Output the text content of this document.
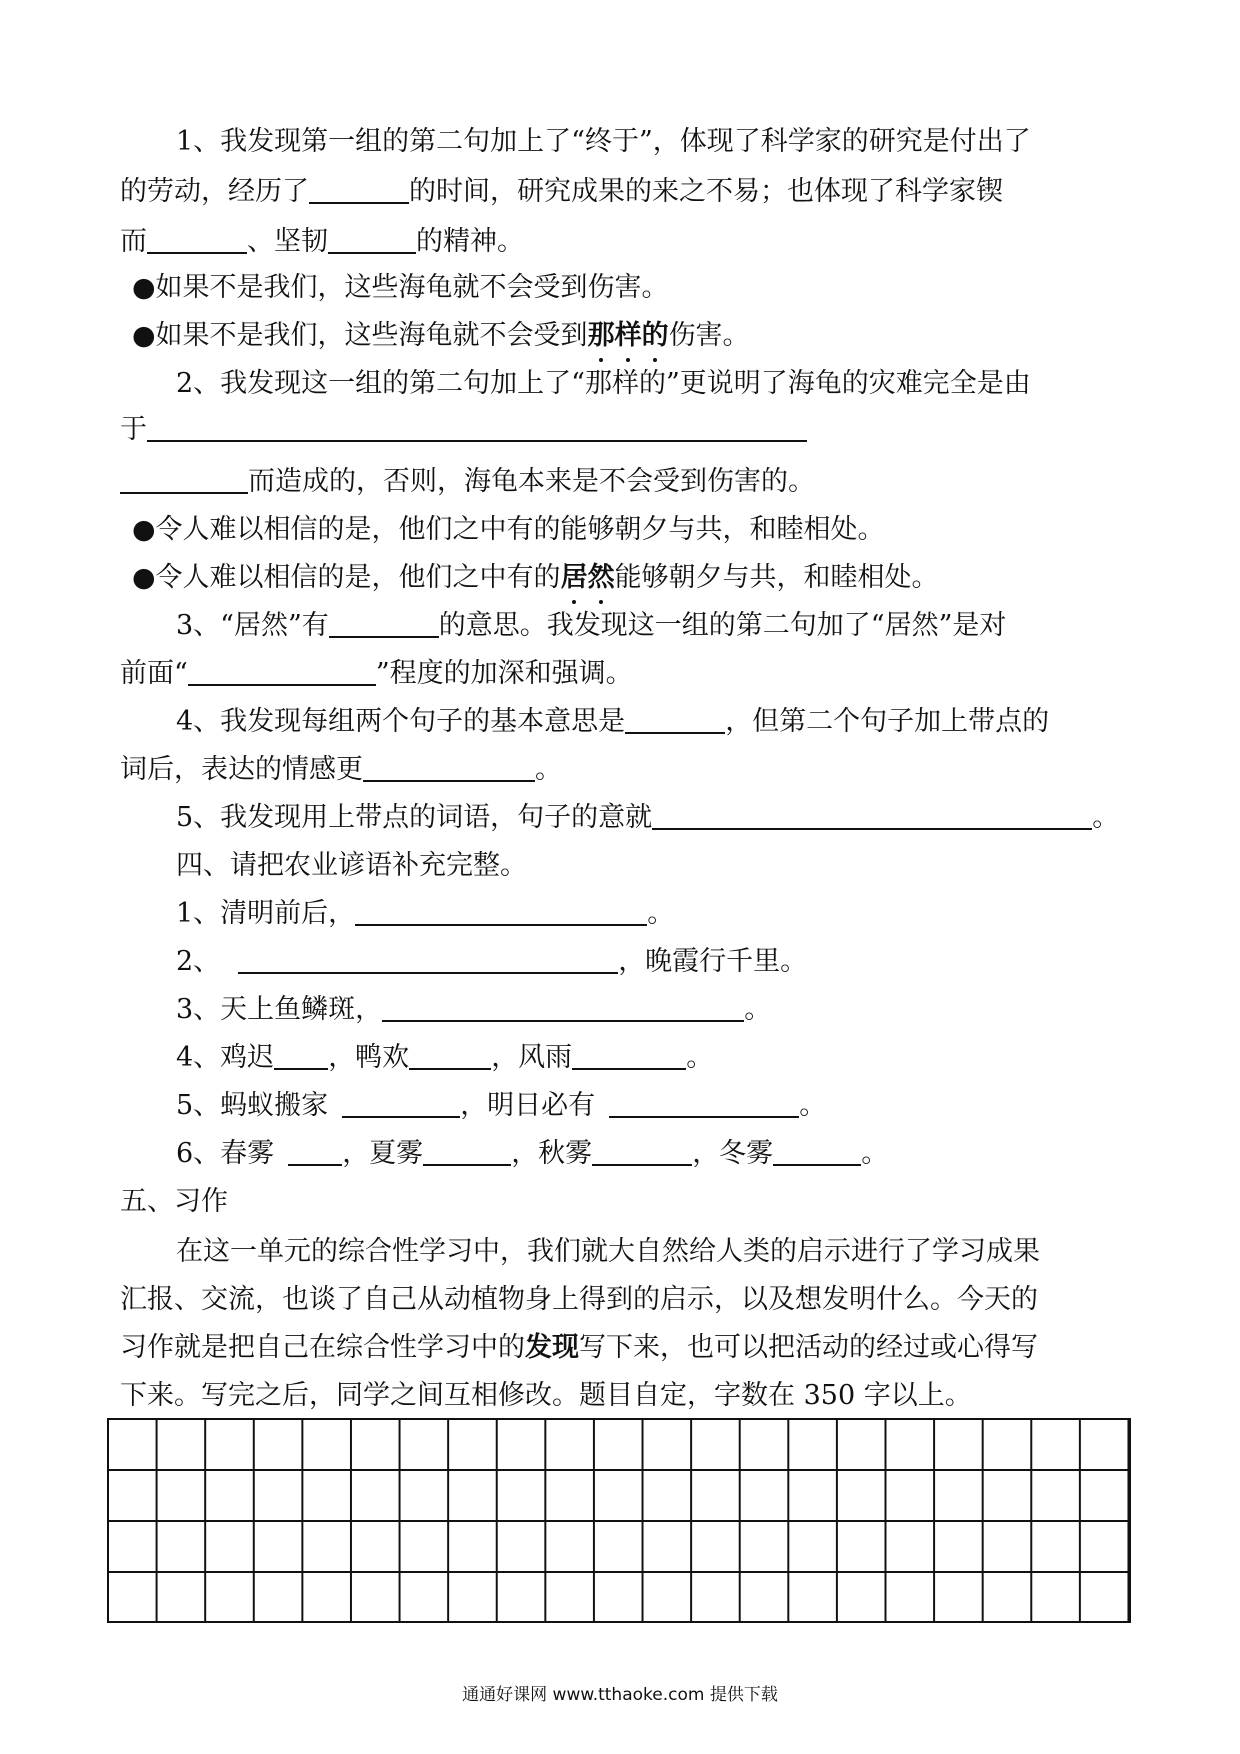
1、我发现第一组的第二句加上了“终于”，体现了科学家的研究是付出了
的劳动，经历了	的时间，研究成果的来之不易；也体现了科学家锲
而	、坚韧	的精神。
●如果不是我们，这些海龟就不会受到伤害。
●如果不是我们，这些海龟就不会受到那样的伤害。
2、我发现这一组的第二句加上了“那样的”更说明了海龟的灾难完全是由
于
而造成的，否则，海龟本来是不会受到伤害的。
●令人难以相信的是，他们之中有的能够朝夕与共，和睦相处。
●令人难以相信的是，他们之中有的居然能够朝夕与共，和睦相处。
3、“居然”有	的意思。我发现这一组的第二句加了“居然”是对
前面“	”程度的加深和强调。
4、我发现每组两个句子的基本意思是	，但第二个句子加上带点的
词后，表达的情感更	。
5、我发现用上带点的词语，句子的意就	。
四、请把农业谚语补充完整。
1、清明前后，	。
2、	，晚霞行千里。
3、天上鱼鳞斑，	。
4、鸡迟 ，鸭欢	，风雨	。
5、蚂蚁搬家	，明日必有	。
6、春雾	，夏雾	，秋雾	，冬雾	。
五、习作
在这一单元的综合性学习中，我们就大自然给人类的启示进行了学习成果
汇报、交流，也谈了自己从动植物身上得到的启示，以及想发明什么。今天的
习作就是把自己在综合性学习中的发现写下来，也可以把活动的经过或心得写
下来。写完之后，同学之间互相修改。题目自定，字数在 350 字以上。
通通好课网 www.tthaoke.com 提供下载
